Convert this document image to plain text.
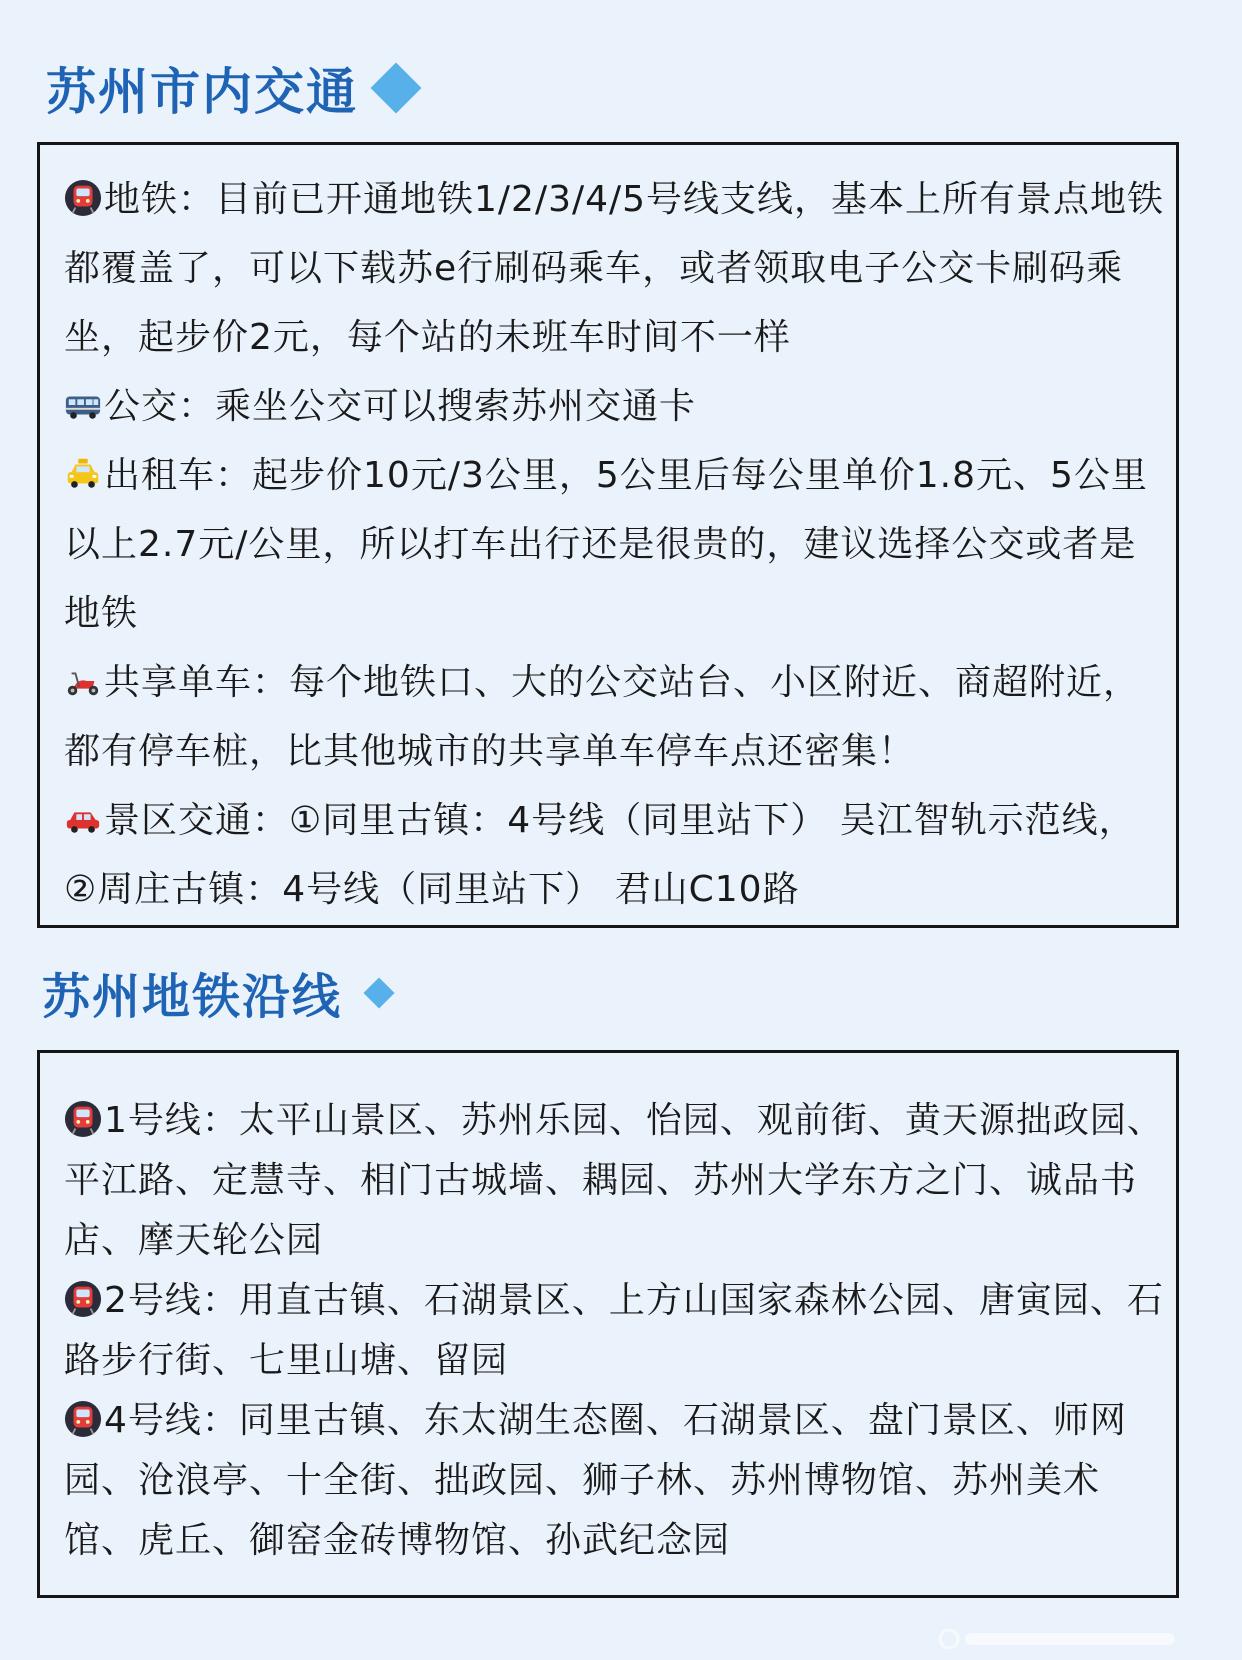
苏州市内交通

地铁：目前已开通地铁1/2/3/4/5号线支线，基本上所有景点地铁都覆盖了，可以下载苏e行刷码乘车，或者领取电子公交卡刷码乘坐，起步价2元，每个站的未班车时间不一样

公交：乘坐公交可以搜索苏州交通卡

出租车：起步价10元/3公里，5公里后每公里单价1.8元、5公里以上2.7元/公里，所以打车出行还是很贵的，建议选择公交或者是地铁

共享单车：每个地铁口、大的公交站台、小区附近、商超附近，都有停车桩，比其他城市的共享单车停车点还密集！

景区交通：①同里古镇：4号线（同里站下） 吴江智轨示范线，②周庄古镇：4号线（同里站下） 君山C10路

苏州地铁沿线

1号线：太平山景区、苏州乐园、怡园、观前街、黄天源拙政园、平江路、定慧寺、相门古城墙、耦园、苏州大学东方之门、诚品书店、摩天轮公园

2号线：用直古镇、石湖景区、上方山国家森林公园、唐寅园、石路步行街、七里山塘、留园

4号线：同里古镇、东太湖生态圈、石湖景区、盘门景区、师网园、沧浪亭、十全街、拙政园、狮子林、苏州博物馆、苏州美术馆、虎丘、御窑金砖博物馆、孙武纪念园
